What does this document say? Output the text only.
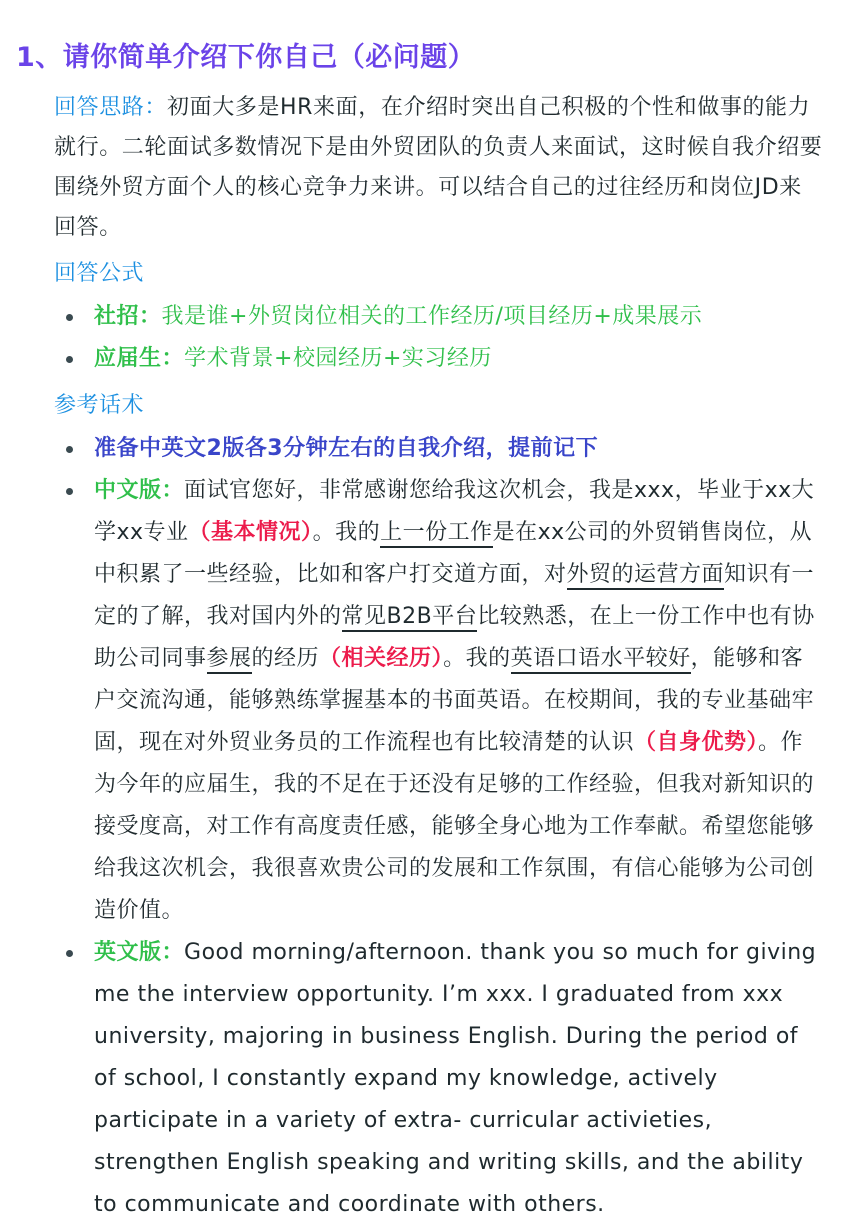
1、请你简单介绍下你自己（必问题）

回答思路：初面大多是HR来面，在介绍时突出自己积极的个性和做事的能力就行。二轮面试多数情况下是由外贸团队的负责人来面试，这时候自我介绍要围绕外贸方面个人的核心竞争力来讲。可以结合自己的过往经历和岗位JD来回答。

回答公式
社招：我是谁+外贸岗位相关的工作经历/项目经历+成果展示
应届生：学术背景+校园经历+实习经历
参考话术
准备中英文2版各3分钟左右的自我介绍，提前记下
中文版：面试官您好，非常感谢您给我这次机会，我是xxx，毕业于xx大学xx专业（基本情况）。我的上一份工作是在xx公司的外贸销售岗位，从中积累了一些经验，比如和客户打交道方面，对外贸的运营方面知识有一定的了解，我对国内外的常见B2B平台比较熟悉，在上一份工作中也有协助公司同事参展的经历（相关经历）。我的英语口语水平较好，能够和客户交流沟通，能够熟练掌握基本的书面英语。在校期间，我的专业基础牢固，现在对外贸业务员的工作流程也有比较清楚的认识（自身优势）。作为今年的应届生，我的不足在于还没有足够的工作经验，但我对新知识的接受度高，对工作有高度责任感，能够全身心地为工作奉献。希望您能够给我这次机会，我很喜欢贵公司的发展和工作氛围，有信心能够为公司创造价值。
英文版：Good morning/afternoon. thank you so much for giving me the interview opportunity. I’m xxx. I graduated from xxx university, majoring in business English. During the period of of school, I constantly expand my knowledge, actively participate in a variety of extra- curricular activieties, strengthen English speaking and writing skills, and the ability to communicate and coordinate with others.
